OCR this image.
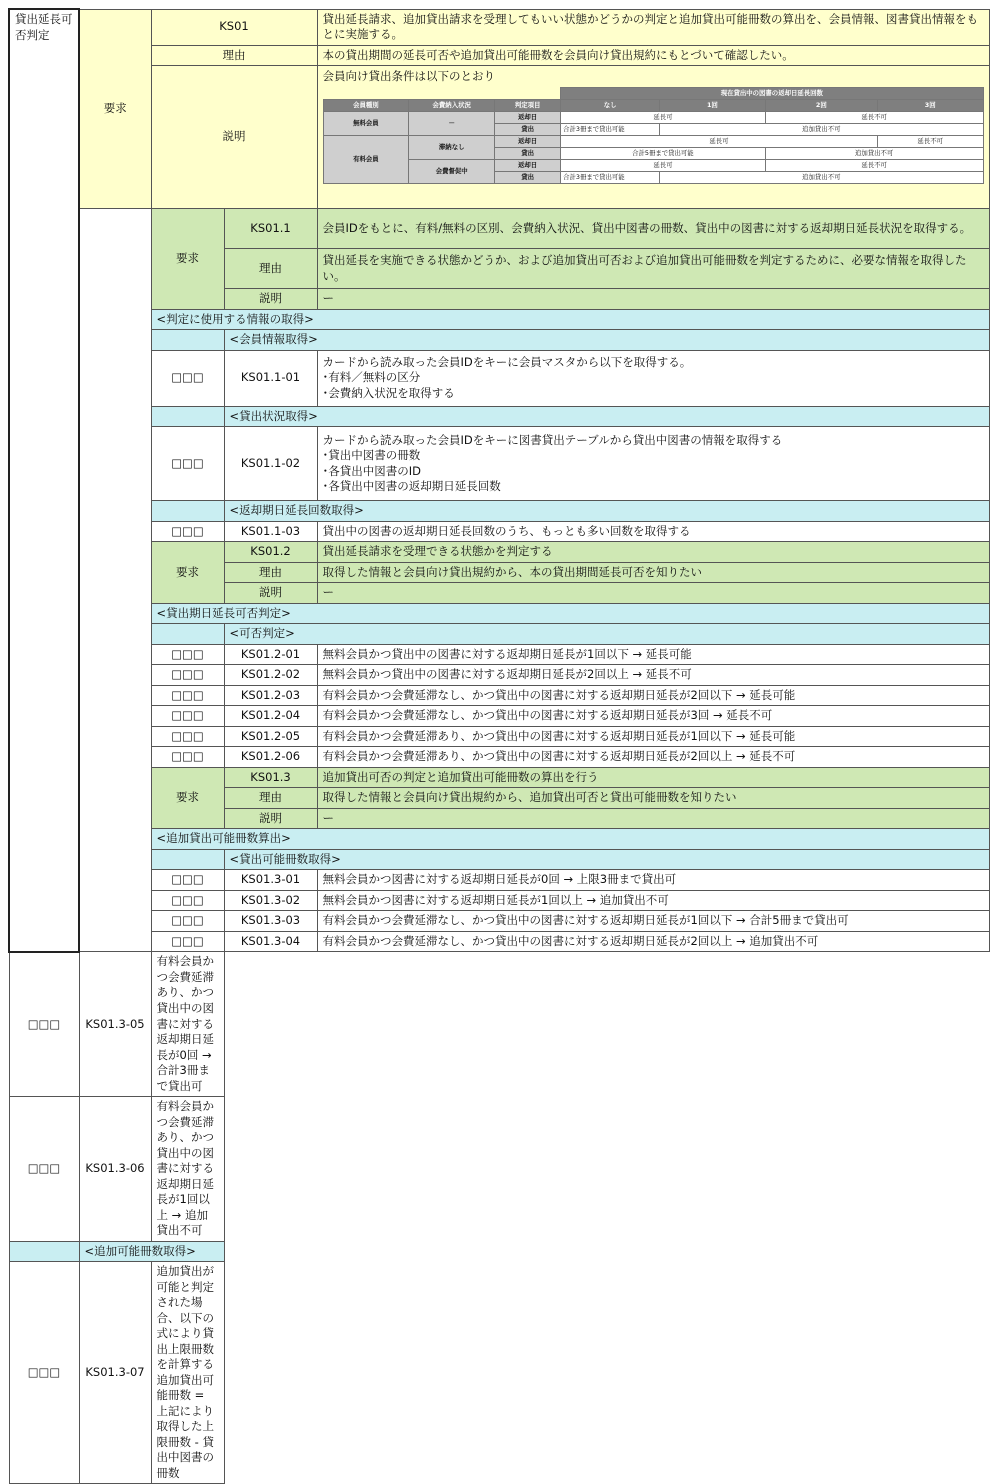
貸出延長可否判定	要求	KS01	貸出延長請求、追加貸出請求を受理してもいい状態かどうかの判定と追加貸出可能冊数の算出を、会員情報、図書貸出情報をもとに実施する。
理由	本の貸出期間の延長可否や追加貸出可能冊数を会員向け貸出規約にもとづいて確認したい。
説明	
会員向け貸出条件は以下のとおり
	現在貸出中の図書の返却日延長回数
会員種別	会費納入状況	判定項目	なし	1回	2回	3回
無料会員	－	返却日	延長可	延長不可
貸出	合計3冊まで貸出可能	追加貸出不可
有料会員	滞納なし	返却日	延長可	延長不可
貸出	合計5冊まで貸出可能	追加貸出不可
会費督促中	返却日	延長可	延長不可
貸出	合計3冊まで貸出可能	追加貸出不可

	要求	KS01.1	会員IDをもとに、有料/無料の区別、会費納入状況、貸出中図書の冊数、貸出中の図書に対する返却期日延長状況を取得する。
理由	貸出延長を実施できる状態かどうか、および追加貸出可否および追加貸出可能冊数を判定するために、必要な情報を取得したい。
説明	ー
<判定に使用する情報の取得>
	<会員情報取得>
□□□	KS01.1-01	カードから読み取った会員IDをキーに会員マスタから以下を取得する。
･有料／無料の区分
･会費納入状況を取得する
	<貸出状況取得>
□□□	KS01.1-02	カードから読み取った会員IDをキーに図書貸出テーブルから貸出中図書の情報を取得する
･貸出中図書の冊数
･各貸出中図書のID
･各貸出中図書の返却期日延長回数
	<返却期日延長回数取得>
□□□	KS01.1-03	貸出中の図書の返却期日延長回数のうち、もっとも多い回数を取得する
要求	KS01.2	貸出延長請求を受理できる状態かを判定する
理由	取得した情報と会員向け貸出規約から、本の貸出期間延長可否を知りたい
説明	ー
<貸出期日延長可否判定>
	<可否判定>
□□□	KS01.2-01	無料会員かつ貸出中の図書に対する返却期日延長が1回以下 → 延長可能
□□□	KS01.2-02	無料会員かつ貸出中の図書に対する返却期日延長が2回以上 → 延長不可
□□□	KS01.2-03	有料会員かつ会費延滞なし、かつ貸出中の図書に対する返却期日延長が2回以下 → 延長可能
□□□	KS01.2-04	有料会員かつ会費延滞なし、かつ貸出中の図書に対する返却期日延長が3回 → 延長不可
□□□	KS01.2-05	有料会員かつ会費延滞あり、かつ貸出中の図書に対する返却期日延長が1回以下 → 延長可能
□□□	KS01.2-06	有料会員かつ会費延滞あり、かつ貸出中の図書に対する返却期日延長が2回以上 → 延長不可
要求	KS01.3	追加貸出可否の判定と追加貸出可能冊数の算出を行う
理由	取得した情報と会員向け貸出規約から、追加貸出可否と貸出可能冊数を知りたい
説明	ー
<追加貸出可能冊数算出>
	<貸出可能冊数取得>
□□□	KS01.3-01	無料会員かつ図書に対する返却期日延長が0回 → 上限3冊まで貸出可
□□□	KS01.3-02	無料会員かつ図書に対する返却期日延長が1回以上 → 追加貸出不可
□□□	KS01.3-03	有料会員かつ会費延滞なし、かつ貸出中の図書に対する返却期日延長が1回以下 → 合計5冊まで貸出可
□□□	KS01.3-04	有料会員かつ会費延滞なし、かつ貸出中の図書に対する返却期日延長が2回以上 → 追加貸出不可
□□□	KS01.3-05	有料会員かつ会費延滞あり、かつ貸出中の図書に対する返却期日延長が0回 → 合計3冊まで貸出可
□□□	KS01.3-06	有料会員かつ会費延滞あり、かつ貸出中の図書に対する返却期日延長が1回以上 → 追加貸出不可
	<追加可能冊数取得>
□□□	KS01.3-07	追加貸出が可能と判定された場合、以下の式により貸出上限冊数を計算する
追加貸出可能冊数 = 上記により取得した上限冊数 - 貸出中図書の冊数
